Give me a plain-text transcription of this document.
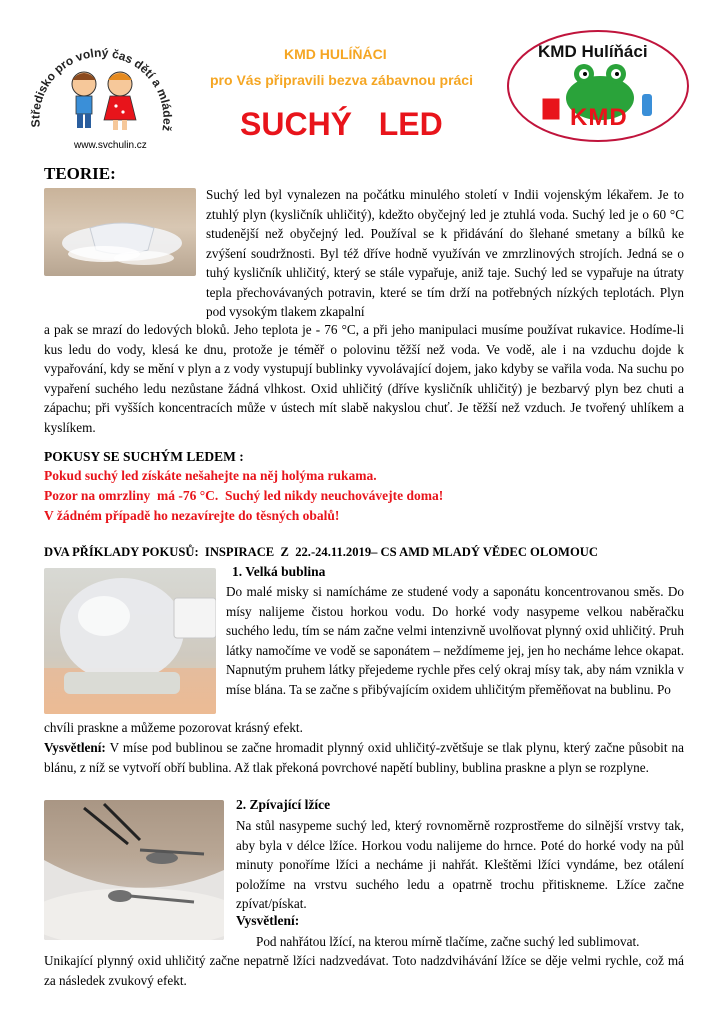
Středisko pro volný čas dětí a mládež
www.svchulin.cz
KMD HULÍŇÁCI
pro Vás připravili bezva zábavnou práci
SUCHÝ   LED
KMD Hulíňáci
KMD
TEORIE:

Suchý led byl vynalezen na počátku minulého století v Indii vojenským lékařem. Je to ztuhlý plyn (kysličník uhličitý), kdežto obyčejný led je ztuhlá voda. Suchý led je o 60 °C studenější než obyčejný led. Používal se k přidávání do šlehané smetany a bílků ke zvýšení soudržnosti. Byl též dříve hodně využíván ve zmrzlinových strojích. Jedná se o tuhý kysličník uhličitý, který se stále vypařuje, aniž taje. Suchý led se vypařuje na útraty tepla přechovávaných potravin, které se tím drží na potřebných nízkých teplotách. Plyn pod vysokým tlakem zkapalní

a pak se mrazí do ledových bloků. Jeho teplota je - 76 °C, a při jeho manipulaci musíme používat rukavice. Hodíme-li kus ledu do vody, klesá ke dnu, protože je téměř o polovinu těžší než voda. Ve vodě, ale i na vzduchu dojde k vypařování, kdy se mění v plyn a z vody vystupují bublinky vyvolávající dojem, jako kdyby se vařila voda. Na suchu po vypaření suchého ledu nezůstane žádná vlhkost. Oxid uhličitý (dříve kysličník uhličitý) je bezbarvý plyn bez chuti a zápachu; při vyšších koncentracích může v ústech mít slabě nakyslou chuť. Je těžší než vzduch. Je tvořený uhlíkem a kyslíkem.

POKUSY SE SUCHÝM LEDEM :
Pokud suchý led získáte nešahejte na něj holýma rukama.
Pozor na omrzliny  má -76 °C.  Suchý led nikdy neuchovávejte doma!
V žádném případě ho nezavírejte do těsných obalů!
DVA PŘÍKLADY POKUSŮ:  INSPIRACE  Z  22.-24.11.2019– CS AMD MLADÝ VĚDEC OLOMOUC
1. Velká bublina

Do malé misky si namícháme ze studené vody a saponátu koncentrovanou směs. Do mísy nalijeme čistou horkou vodu. Do horké vody nasypeme velkou naběračku suchého ledu, tím se nám začne velmi intenzivně uvolňovat plynný oxid uhličitý. Pruh látky namočíme ve vodě se saponátem – neždímeme jej, jen ho necháme lehce okapat. Napnutým pruhem látky přejedeme rychle přes celý okraj mísy tak, aby nám vznikla v míse blána. Ta se začne s přibývajícím oxidem uhličitým přeměňovat na bublinu. Po

chvíli praskne a můžeme pozorovat krásný efekt.

Vysvětlení: V míse pod bublinou se začne hromadit plynný oxid uhličitý-zvětšuje se tlak plynu, který začne působit na blánu, z níž se vytvoří obří bublina. Až tlak překoná povrchové napětí bubliny, bublina praskne a plyn se rozplyne.

2. Zpívající lžíce

Na stůl nasypeme suchý led, který rovnoměrně rozprostřeme do silnější vrstvy tak, aby byla v délce lžíce. Horkou vodu nalijeme do hrnce. Poté do horké vody na půl minuty ponoříme lžíci a necháme ji nahřát. Kleštěmi lžíci vyndáme, bez otálení položíme na vrstvu suchého ledu a opatrně trochu přitiskneme. Lžíce začne zpívat/pískat.

Vysvětlení:

Pod nahřátou lžící, na kterou mírně tlačíme, začne suchý led sublimovat.

Unikající plynný oxid uhličitý začne nepatrně lžíci nadzvedávat. Toto nadzdvihávání lžíce se děje velmi rychle, což má za následek zvukový efekt.
